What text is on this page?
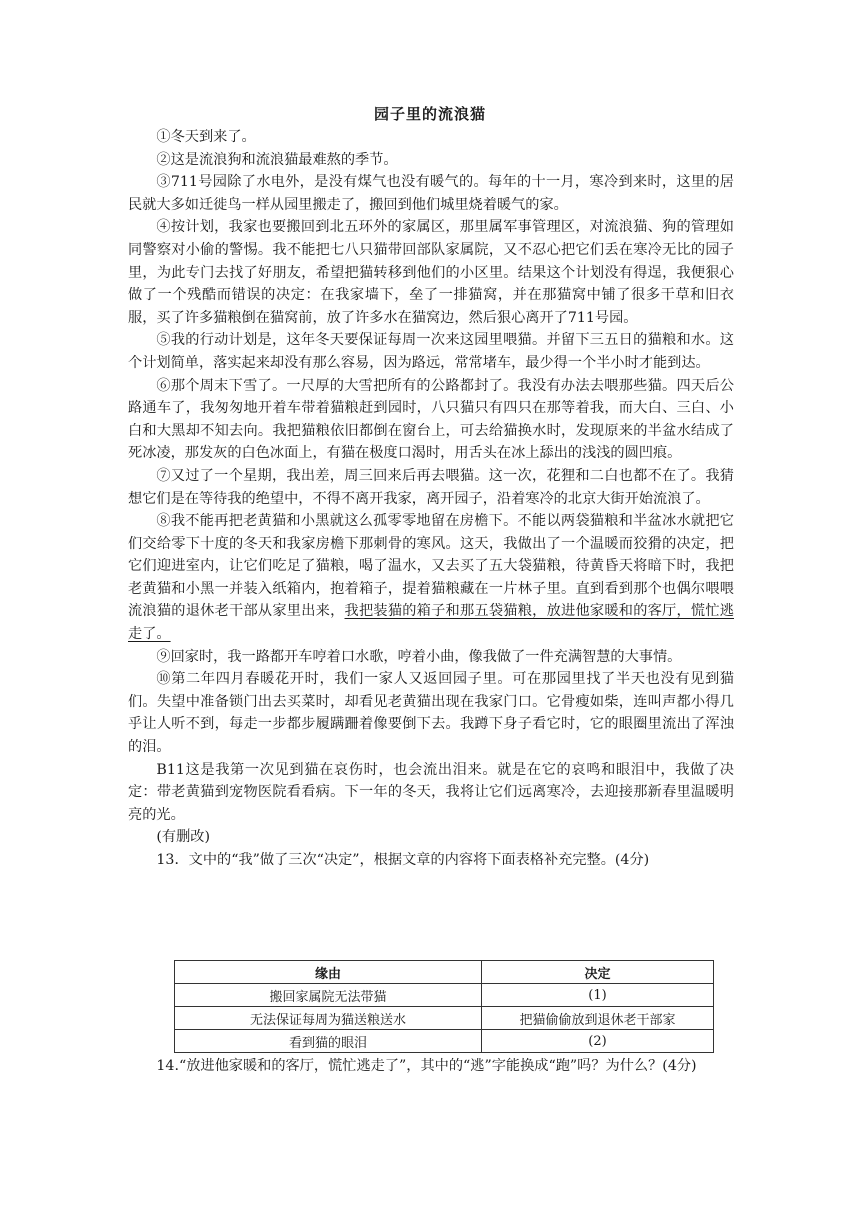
园子里的流浪猫

①冬天到来了。

②这是流浪狗和流浪猫最难熬的季节。

③711号园除了水电外，是没有煤气也没有暖气的。每年的十一月，寒冷到来时，这里的居民就大多如迁徙鸟一样从园里搬走了，搬回到他们城里烧着暖气的家。

④按计划，我家也要搬回到北五环外的家属区，那里属军事管理区，对流浪猫、狗的管理如同警察对小偷的警惕。我不能把七八只猫带回部队家属院，又不忍心把它们丢在寒冷无比的园子里，为此专门去找了好朋友，希望把猫转移到他们的小区里。结果这个计划没有得逞，我便狠心做了一个残酷而错误的决定：在我家墙下，垒了一排猫窝，并在那猫窝中铺了很多干草和旧衣服，买了许多猫粮倒在猫窝前，放了许多水在猫窝边，然后狠心离开了711号园。

⑤我的行动计划是，这年冬天要保证每周一次来这园里喂猫。并留下三五日的猫粮和水。这个计划简单，落实起来却没有那么容易，因为路远，常常堵车，最少得一个半小时才能到达。

⑥那个周末下雪了。一尺厚的大雪把所有的公路都封了。我没有办法去喂那些猫。四天后公路通车了，我匆匆地开着车带着猫粮赶到园时，八只猫只有四只在那等着我，而大白、三白、小白和大黑却不知去向。我把猫粮依旧都倒在窗台上，可去给猫换水时，发现原来的半盆水结成了死冰凌，那发灰的白色冰面上，有猫在极度口渴时，用舌头在冰上舔出的浅浅的圆凹痕。

⑦又过了一个星期，我出差，周三回来后再去喂猫。这一次，花狸和二白也都不在了。我猜想它们是在等待我的绝望中，不得不离开我家，离开园子，沿着寒冷的北京大街开始流浪了。

⑧我不能再把老黄猫和小黑就这么孤零零地留在房檐下。不能以两袋猫粮和半盆冰水就把它们交给零下十度的冬天和我家房檐下那刺骨的寒风。这天，我做出了一个温暖而狡猾的决定，把它们迎进室内，让它们吃足了猫粮，喝了温水，又去买了五大袋猫粮，待黄昏天将暗下时，我把老黄猫和小黑一并装入纸箱内，抱着箱子，提着猫粮藏在一片林子里。直到看到那个也偶尔喂喂流浪猫的退休老干部从家里出来，我把装猫的箱子和那五袋猫粮，放进他家暖和的客厅，慌忙逃走了。

⑨回家时，我一路都开车哼着口水歌，哼着小曲，像我做了一件充满智慧的大事情。

⑩第二年四月春暖花开时，我们一家人又返回园子里。可在那园里找了半天也没有见到猫们。失望中准备锁门出去买菜时，却看见老黄猫出现在我家门口。它骨瘦如柴，连叫声都小得几乎让人听不到，每走一步都步履蹒跚着像要倒下去。我蹲下身子看它时，它的眼圈里流出了浑浊的泪。

B11这是我第一次见到猫在哀伤时，也会流出泪来。就是在它的哀鸣和眼泪中，我做了决定：带老黄猫到宠物医院看看病。下一年的冬天，我将让它们远离寒冷，去迎接那新春里温暖明亮的光。

(有删改)

13．文中的“我”做了三次“决定”，根据文章的内容将下面表格补充完整。(4分)

缘由	决定
搬回家属院无法带猫	(1)
无法保证每周为猫送粮送水	把猫偷偷放到退休老干部家
看到猫的眼泪	(2)

14.“放进他家暖和的客厅，慌忙逃走了”，其中的“逃”字能换成“跑”吗？为什么？(4分)
